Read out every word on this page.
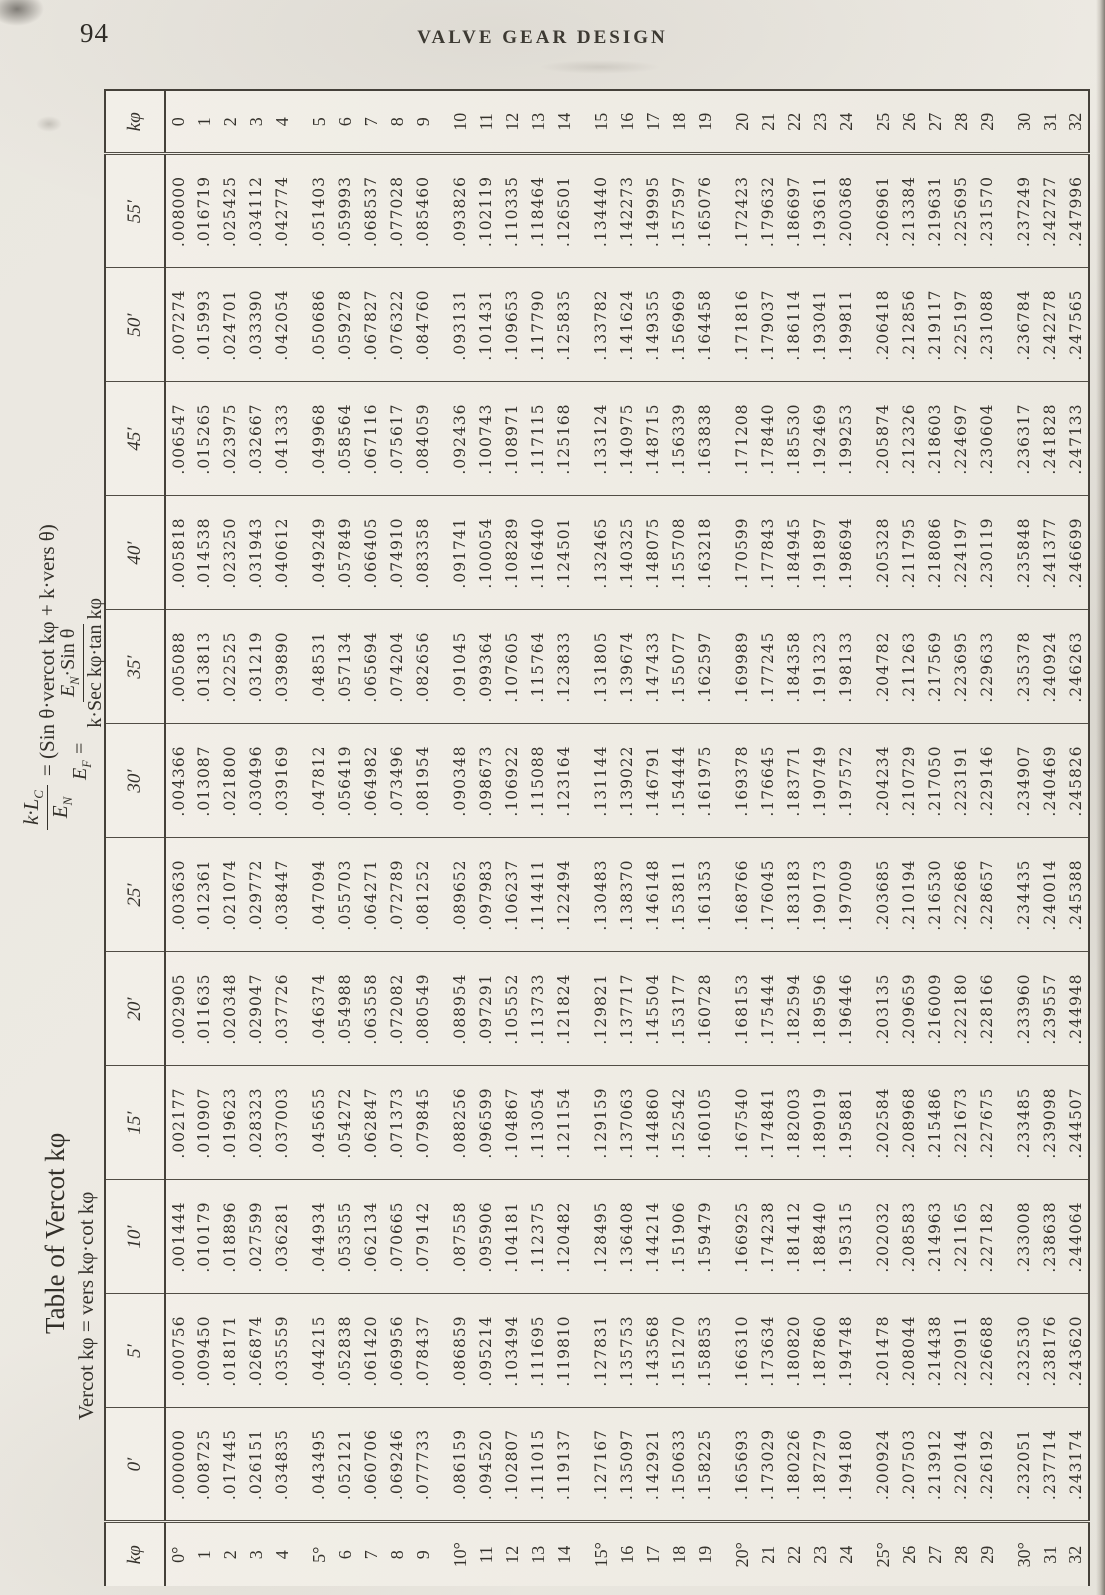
94	VALVE GEAR DESIGN
Table of Vercot kφ
$k\cdot L_C$
$E_N$
= (Sin θ·vercot kφ + k·vers θ)
Vercot kφ = vers kφ·cot kφ
$E_F$ =
$E_N\cdot Sin$ θ k·Sec kφ·tan kφ
kφ	0′	5′	10′	15′	20′	25′	30′	35′	40′	45′	50′	55′	kφ
0°	.000000	.000756	.001444	.002177	.002905	.003630	.004366	.005088	.005818	.006547	.007274	.008000	0
1	.008725	.009450	.010179	.010907	.011635	.012361	.013087	.013813	.014538	.015265	.015993	.016719	1
2	.017445	.018171	.018896	.019623	.020348	.021074	.021800	.022525	.023250	.023975	.024701	.025425	2
3	.026151	.026874	.027599	.028323	.029047	.029772	.030496	.031219	.031943	.032667	.033390	.034112	3
4	.034835	.035559	.036281	.037003	.037726	.038447	.039169	.039890	.040612	.041333	.042054	.042774	4

5°	.043495	.044215	.044934	.045655	.046374	.047094	.047812	.048531	.049249	.049968	.050686	.051403	5
6	.052121	.052838	.053555	.054272	.054988	.055703	.056419	.057134	.057849	.058564	.059278	.059993	6
7	.060706	.061420	.062134	.062847	.063558	.064271	.064982	.065694	.066405	.067116	.067827	.068537	7
8	.069246	.069956	.070665	.071373	.072082	.072789	.073496	.074204	.074910	.075617	.076322	.077028	8
9	.077733	.078437	.079142	.079845	.080549	.081252	.081954	.082656	.083358	.084059	.084760	.085460	9

10°	.086159	.086859	.087558	.088256	.088954	.089652	.090348	.091045	.091741	.092436	.093131	.093826	10
11	.094520	.095214	.095906	.096599	.097291	.097983	.098673	.099364	.100054	.100743	.101431	.102119	11
12	.102807	.103494	.104181	.104867	.105552	.106237	.106922	.107605	.108289	.108971	.109653	.110335	12
13	.111015	.111695	.112375	.113054	.113733	.114411	.115088	.115764	.116440	.117115	.117790	.118464	13
14	.119137	.119810	.120482	.121154	.121824	.122494	.123164	.123833	.124501	.125168	.125835	.126501	14

15°	.127167	.127831	.128495	.129159	.129821	.130483	.131144	.131805	.132465	.133124	.133782	.134440	15
16	.135097	.135753	.136408	.137063	.137717	.138370	.139022	.139674	.140325	.140975	.141624	.142273	16
17	.142921	.143568	.144214	.144860	.145504	.146148	.146791	.147433	.148075	.148715	.149355	.149995	17
18	.150633	.151270	.151906	.152542	.153177	.153811	.154444	.155077	.155708	.156339	.156969	.157597	18
19	.158225	.158853	.159479	.160105	.160728	.161353	.161975	.162597	.163218	.163838	.164458	.165076	19

20°	.165693	.166310	.166925	.167540	.168153	.168766	.169378	.169989	.170599	.171208	.171816	.172423	20
21	.173029	.173634	.174238	.174841	.175444	.176045	.176645	.177245	.177843	.178440	.179037	.179632	21
22	.180226	.180820	.181412	.182003	.182594	.183183	.183771	.184358	.184945	.185530	.186114	.186697	22
23	.187279	.187860	.188440	.189019	.189596	.190173	.190749	.191323	.191897	.192469	.193041	.193611	23
24	.194180	.194748	.195315	.195881	.196446	.197009	.197572	.198133	.198694	.199253	.199811	.200368	24

25°	.200924	.201478	.202032	.202584	.203135	.203685	.204234	.204782	.205328	.205874	.206418	.206961	25
26	.207503	.208044	.208583	.208968	.209659	.210194	.210729	.211263	.211795	.212326	.212856	.213384	26
27	.213912	.214438	.214963	.215486	.216009	.216530	.217050	.217569	.218086	.218603	.219117	.219631	27
28	.220144	.220911	.221165	.221673	.222180	.222686	.223191	.223695	.224197	.224697	.225197	.225695	28
29	.226192	.226688	.227182	.227675	.228166	.228657	.229146	.229633	.230119	.230604	.231088	.231570	29

30°	.232051	.232530	.233008	.233485	.233960	.234435	.234907	.235378	.235848	.236317	.236784	.237249	30
31	.237714	.238176	.238638	.239098	.239557	.240014	.240469	.240924	.241377	.241828	.242278	.242727	31
32	.243174	.243620	.244064	.244507	.244948	.245388	.245826	.246263	.246699	.247133	.247565	.247996	32
